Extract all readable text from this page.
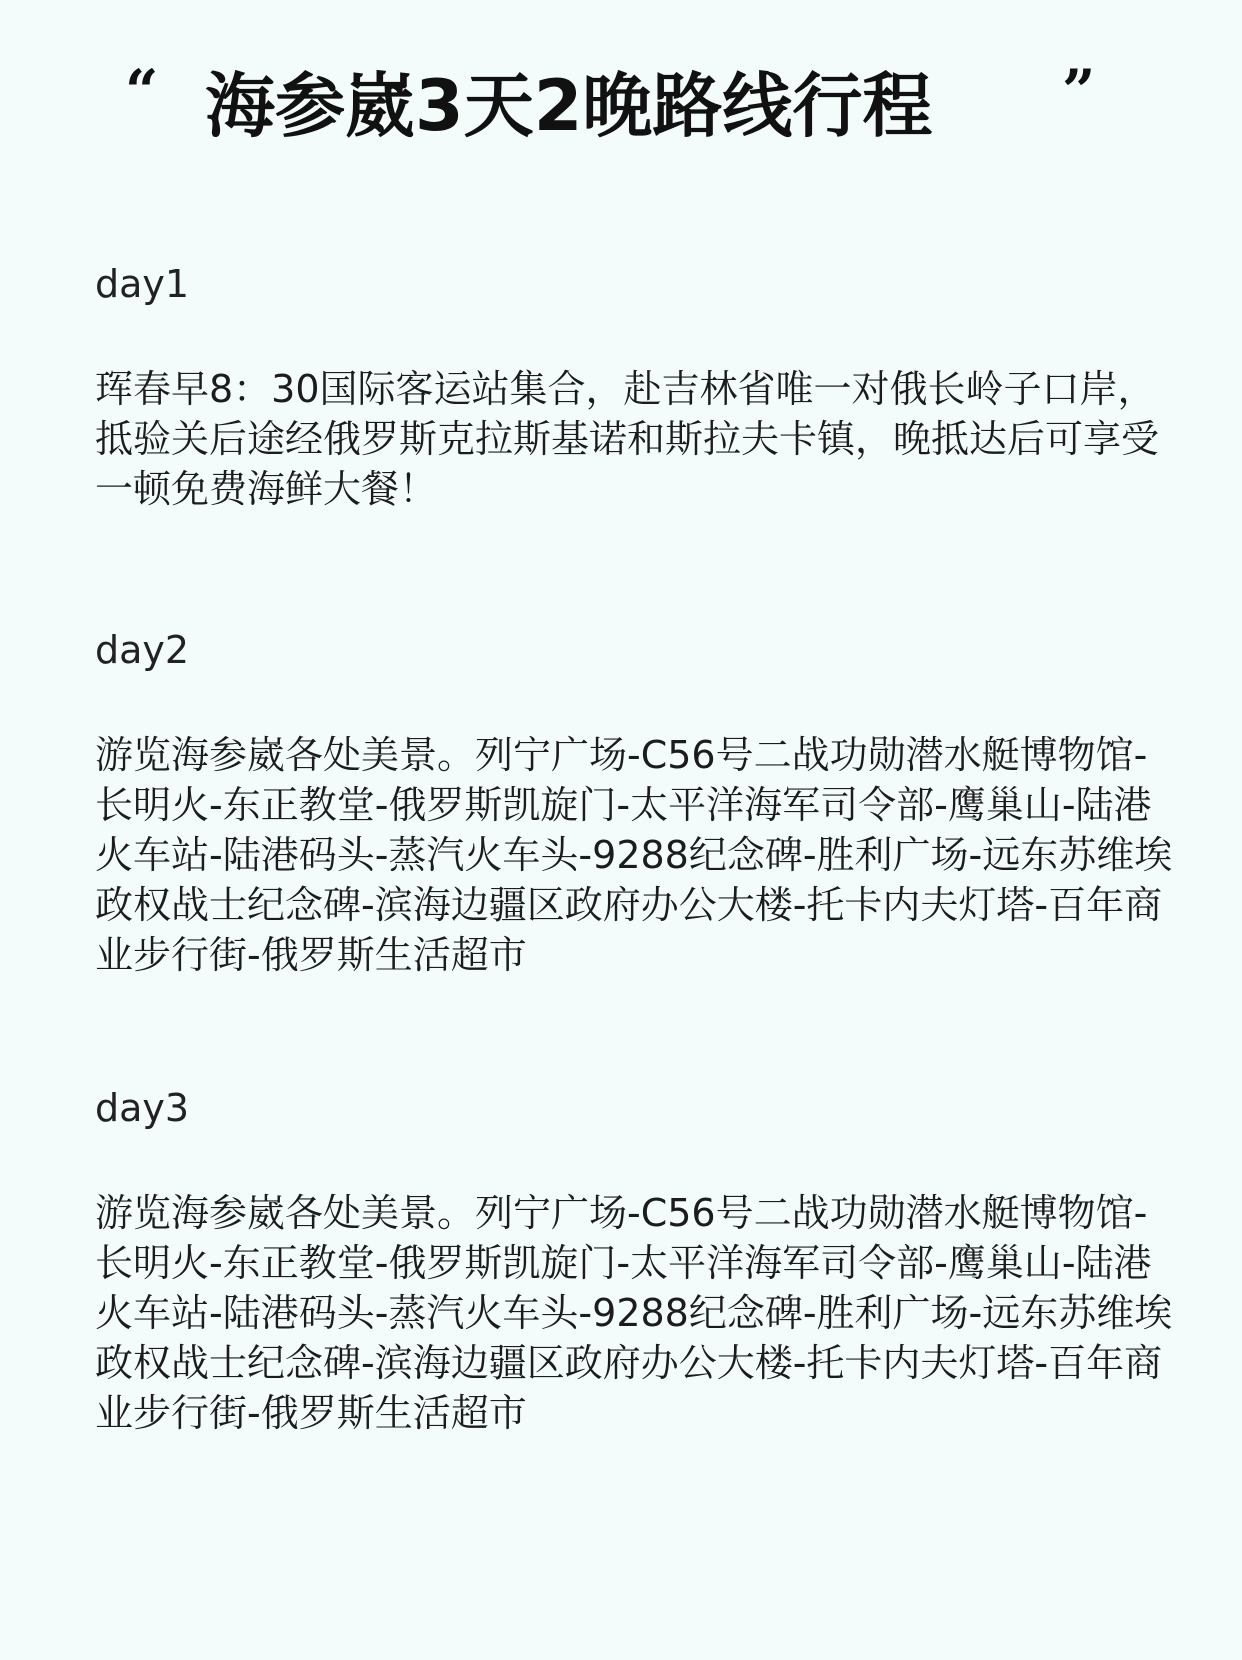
“ 海参崴3天2晚路线行程 ”
day1
珲春早8：30国际客运站集合，赴吉林省唯一对俄长岭子口岸，抵验关后途经俄罗斯克拉斯基诺和斯拉夫卡镇，晚抵达后可享受一顿免费海鲜大餐！
day2
游览海参崴各处美景。列宁广场-C56号二战功勋潜水艇博物馆-长明火-东正教堂-俄罗斯凯旋门-太平洋海军司令部-鹰巢山-陆港火车站-陆港码头-蒸汽火车头-9288纪念碑-胜利广场-远东苏维埃政权战士纪念碑-滨海边疆区政府办公大楼-托卡内夫灯塔-百年商业步行街-俄罗斯生活超市
day3
游览海参崴各处美景。列宁广场-C56号二战功勋潜水艇博物馆-长明火-东正教堂-俄罗斯凯旋门-太平洋海军司令部-鹰巢山-陆港火车站-陆港码头-蒸汽火车头-9288纪念碑-胜利广场-远东苏维埃政权战士纪念碑-滨海边疆区政府办公大楼-托卡内夫灯塔-百年商业步行街-俄罗斯生活超市
